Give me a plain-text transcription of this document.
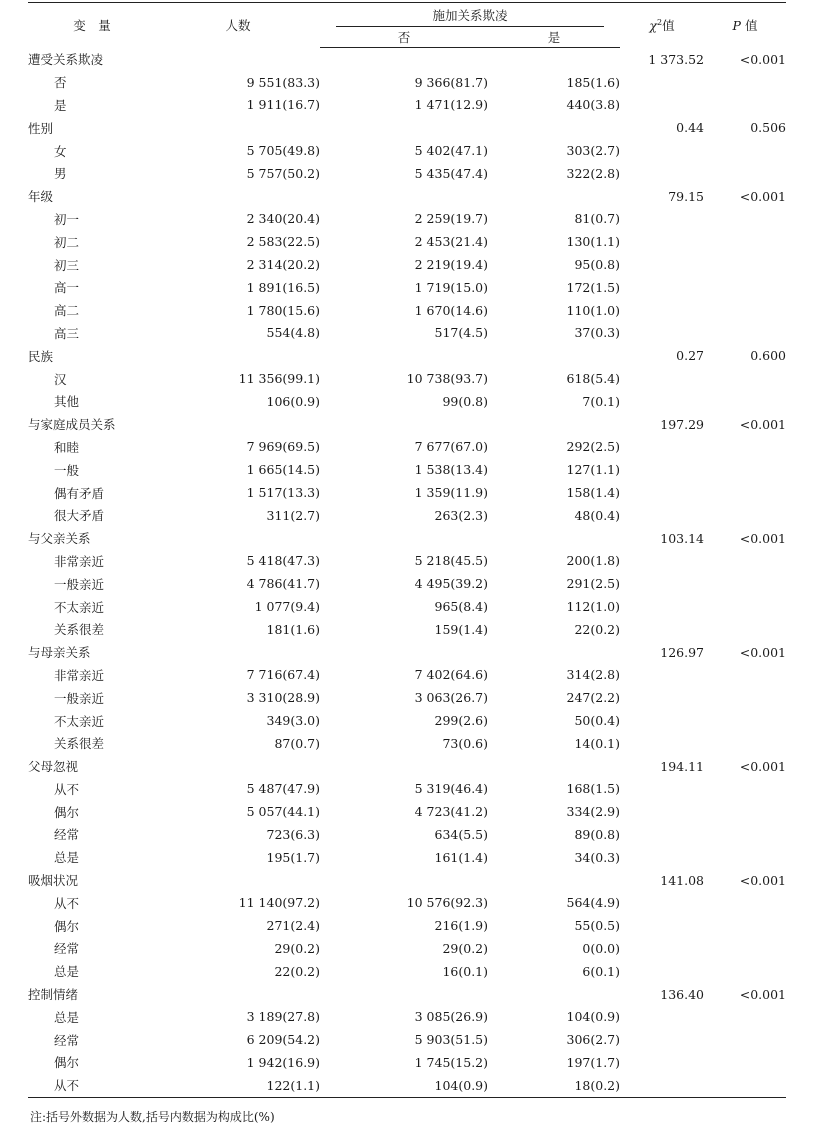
变　量	人数	施加关系欺凌		$\chi^2$值	P 值
		否	是		
遭受关系欺凌				1 373.52	<0.001
否	9 551(83.3)	9 366(81.7)	185(1.6)		
是	1 911(16.7)	1 471(12.9)	440(3.8)		
性别				0.44	0.506
女	5 705(49.8)	5 402(47.1)	303(2.7)		
男	5 757(50.2)	5 435(47.4)	322(2.8)		
年级				79.15	<0.001
初一	2 340(20.4)	2 259(19.7)	81(0.7)		
初二	2 583(22.5)	2 453(21.4)	130(1.1)		
初三	2 314(20.2)	2 219(19.4)	95(0.8)		
高一	1 891(16.5)	1 719(15.0)	172(1.5)		
高二	1 780(15.6)	1 670(14.6)	110(1.0)		
高三	554(4.8)	517(4.5)	37(0.3)		
民族				0.27	0.600
汉	11 356(99.1)	10 738(93.7)	618(5.4)		
其他	106(0.9)	99(0.8)	7(0.1)		
与家庭成员关系				197.29	<0.001
和睦	7 969(69.5)	7 677(67.0)	292(2.5)		
一般	1 665(14.5)	1 538(13.4)	127(1.1)		
偶有矛盾	1 517(13.3)	1 359(11.9)	158(1.4)		
很大矛盾	311(2.7)	263(2.3)	48(0.4)		
与父亲关系				103.14	<0.001
非常亲近	5 418(47.3)	5 218(45.5)	200(1.8)		
一般亲近	4 786(41.7)	4 495(39.2)	291(2.5)		
不太亲近	1 077(9.4)	965(8.4)	112(1.0)		
关系很差	181(1.6)	159(1.4)	22(0.2)		
与母亲关系				126.97	<0.001
非常亲近	7 716(67.4)	7 402(64.6)	314(2.8)		
一般亲近	3 310(28.9)	3 063(26.7)	247(2.2)		
不太亲近	349(3.0)	299(2.6)	50(0.4)		
关系很差	87(0.7)	73(0.6)	14(0.1)		
父母忽视				194.11	<0.001
从不	5 487(47.9)	5 319(46.4)	168(1.5)		
偶尔	5 057(44.1)	4 723(41.2)	334(2.9)		
经常	723(6.3)	634(5.5)	89(0.8)		
总是	195(1.7)	161(1.4)	34(0.3)		
吸烟状况				141.08	<0.001
从不	11 140(97.2)	10 576(92.3)	564(4.9)		
偶尔	271(2.4)	216(1.9)	55(0.5)		
经常	29(0.2)	29(0.2)	0(0.0)		
总是	22(0.2)	16(0.1)	6(0.1)		
控制情绪				136.40	<0.001
总是	3 189(27.8)	3 085(26.9)	104(0.9)		
经常	6 209(54.2)	5 903(51.5)	306(2.7)		
偶尔	1 942(16.9)	1 745(15.2)	197(1.7)		
从不	122(1.1)	104(0.9)	18(0.2)		
注:括号外数据为人数,括号内数据为构成比(%)
